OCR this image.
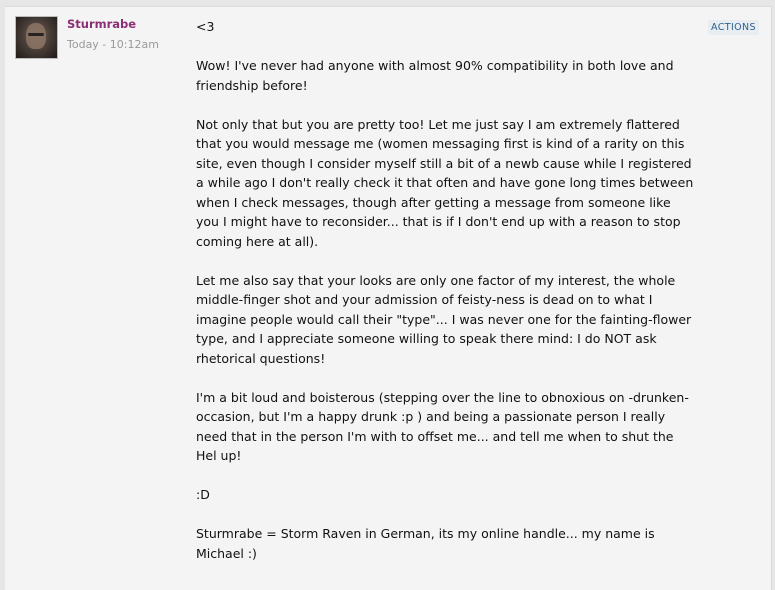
Sturmrabe
Today - 10:12am
ACTIONS

<3

Wow! I've never had anyone with almost 90% compatibility in both love and friendship before!

Not only that but you are pretty too! Let me just say I am extremely flattered that you would message me (women messaging first is kind of a rarity on this site, even though I consider myself still a bit of a newb cause while I registered a while ago I don't really check it that often and have gone long times between when I check messages, though after getting a message from someone like you I might have to reconsider... that is if I don't end up with a reason to stop coming here at all).

Let me also say that your looks are only one factor of my interest, the whole middle-finger shot and your admission of feisty-ness is dead on to what I imagine people would call their "type"... I was never one for the fainting-flower type, and I appreciate someone willing to speak there mind: I do NOT ask rhetorical questions!

I'm a bit loud and boisterous (stepping over the line to obnoxious on -drunken- occasion, but I'm a happy drunk :p ) and being a passionate person I really need that in the person I'm with to offset me... and tell me when to shut the Hel up!

:D

Sturmrabe = Storm Raven in German, its my online handle... my name is Michael :)
